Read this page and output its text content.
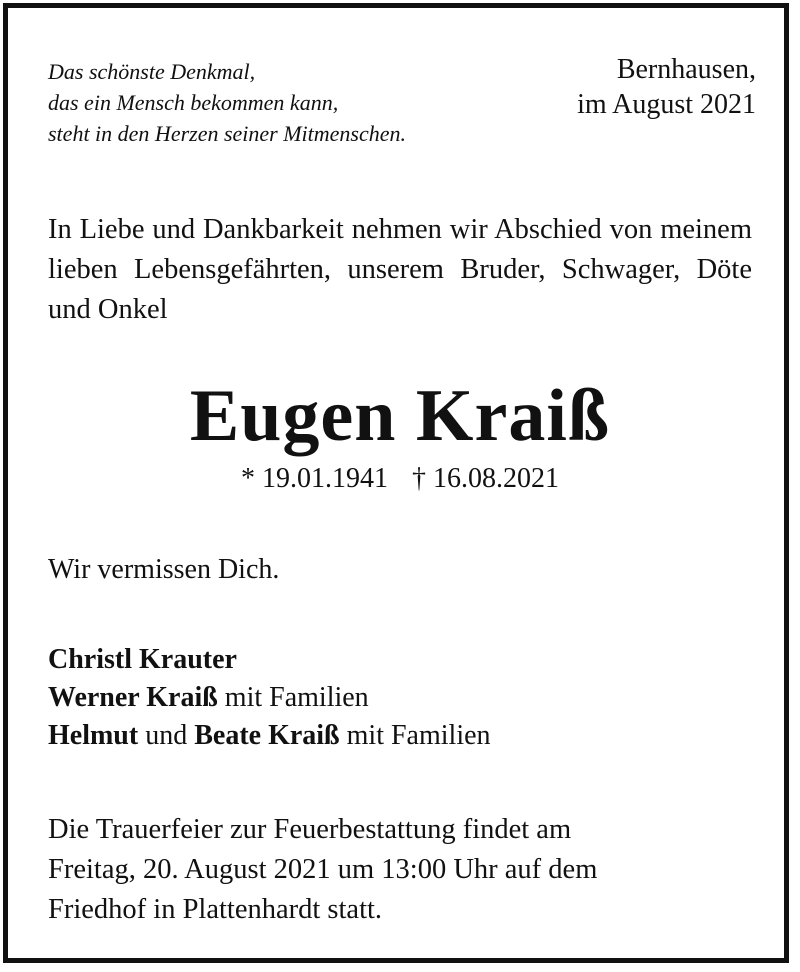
Das schönste Denkmal,
das ein Mensch bekommen kann,
steht in den Herzen seiner Mitmenschen.
Bernhausen,
im August 2021
In Liebe und Dankbarkeit nehmen wir Abschied von meinem lieben Lebensgefährten, unserem Bruder, Schwager, Döte und Onkel
Eugen Kraiß
* 19.01.1941 † 16.08.2021
Wir vermissen Dich.
Christl Krauter
Werner Kraiß mit Familien
Helmut und Beate Kraiß mit Familien
Die Trauerfeier zur Feuerbestattung findet am
Freitag, 20. August 2021 um 13:00 Uhr auf dem
Friedhof in Plattenhardt statt.
